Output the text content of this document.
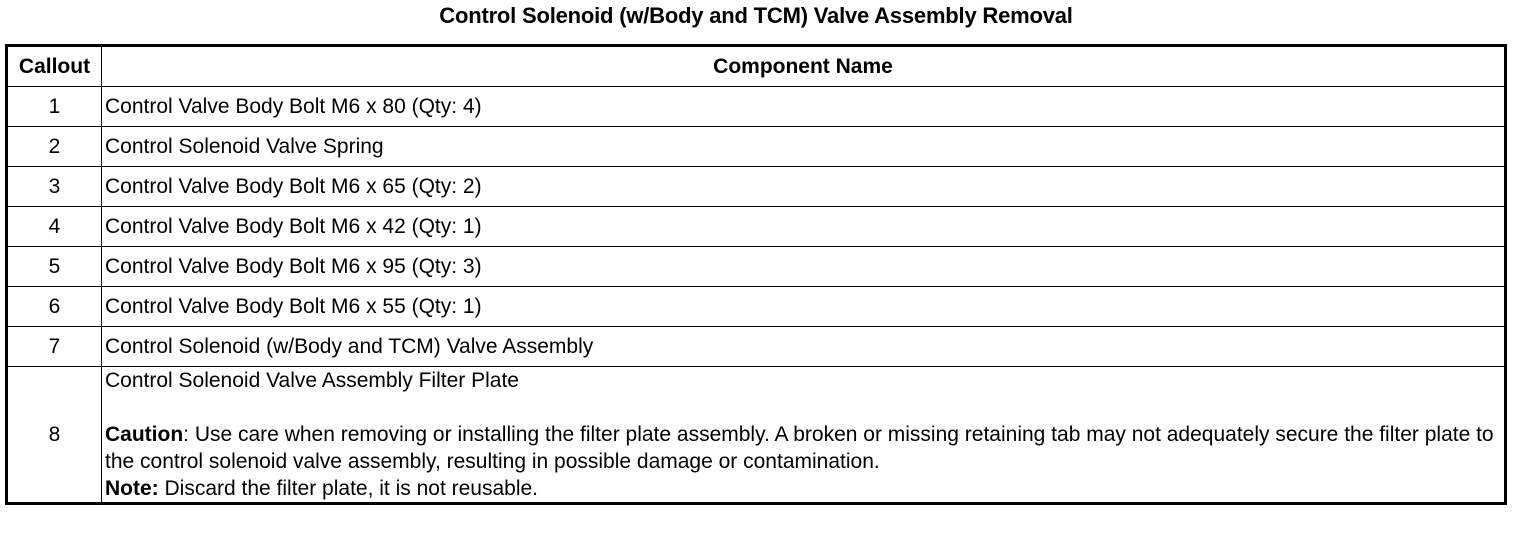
Control Solenoid (w/Body and TCM) Valve Assembly Removal
Callout	Component Name
1	Control Valve Body Bolt M6 x 80 (Qty: 4)
2	Control Solenoid Valve Spring
3	Control Valve Body Bolt M6 x 65 (Qty: 2)
4	Control Valve Body Bolt M6 x 42 (Qty: 1)
5	Control Valve Body Bolt M6 x 95 (Qty: 3)
6	Control Valve Body Bolt M6 x 55 (Qty: 1)
7	Control Solenoid (w/Body and TCM) Valve Assembly
8	Control Solenoid Valve Assembly Filter Plate
Caution: Use care when removing or installing the filter plate assembly. A broken or missing retaining tab may not adequately secure the filter plate to the control solenoid valve assembly, resulting in possible damage or contamination.
Note: Discard the filter plate, it is not reusable.
